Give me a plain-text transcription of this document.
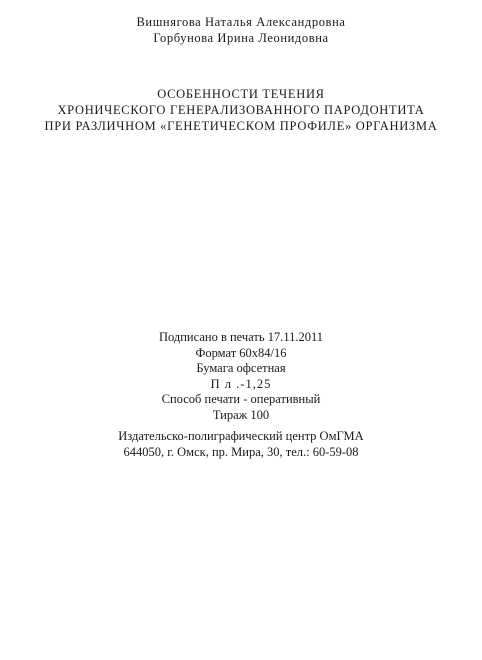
Вишнягова Наталья Александровна
Горбунова Ирина Леонидовна
ОСОБЕННОСТИ ТЕЧЕНИЯ
ХРОНИЧЕСКОГО ГЕНЕРАЛИЗОВАННОГО ПАРОДОНТИТА
ПРИ РАЗЛИЧНОМ «ГЕНЕТИЧЕСКОМ ПРОФИЛЕ» ОРГАНИЗМА
Подписано в печать 17.11.2011
Формат 60х84/16
Бумага офсетная
П л .-1,25
Способ печати - оперативный
Тираж 100
Издательско-полиграфический центр ОмГМА
644050, г. Омск, пр. Мира, 30, тел.: 60-59-08
